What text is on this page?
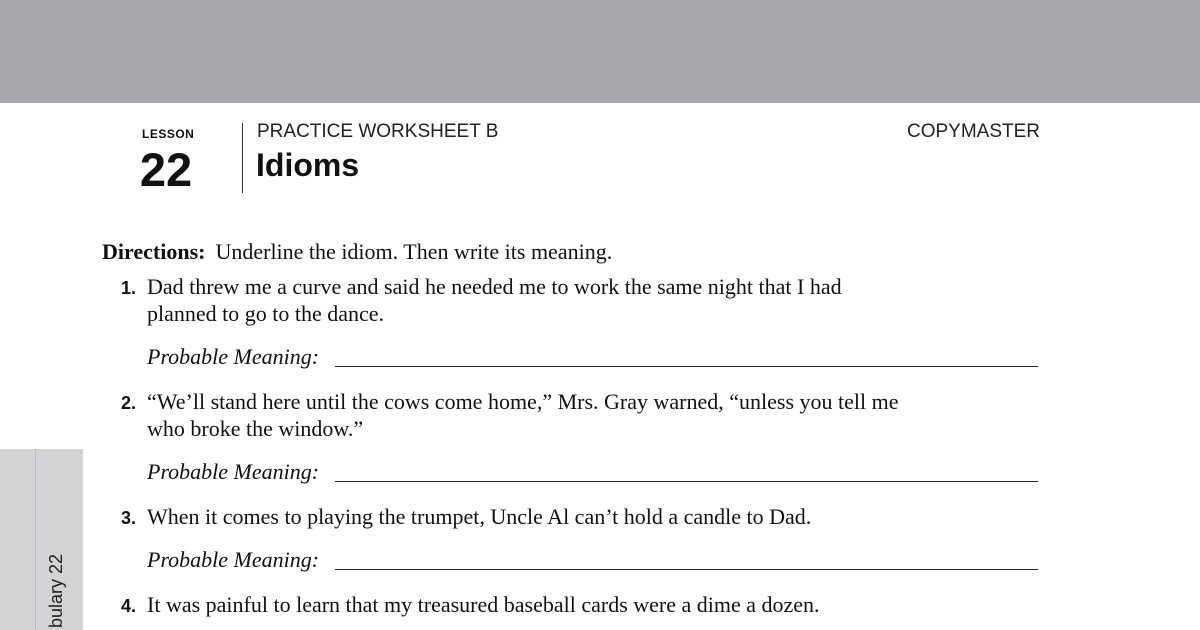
bulary 22
LESSON
22
PRACTICE WORKSHEET B
Idioms
COPYMASTER
Directions: Underline the idiom. Then write its meaning.
1. Dad threw me a curve and said he needed me to work the same night that I had planned to go to the dance.
Probable Meaning:
2. “We’ll stand here until the cows come home,” Mrs. Gray warned, “unless you tell me who broke the window.”
Probable Meaning:
3. When it comes to playing the trumpet, Uncle Al can’t hold a candle to Dad.
Probable Meaning:
4. It was painful to learn that my treasured baseball cards were a dime a dozen.
